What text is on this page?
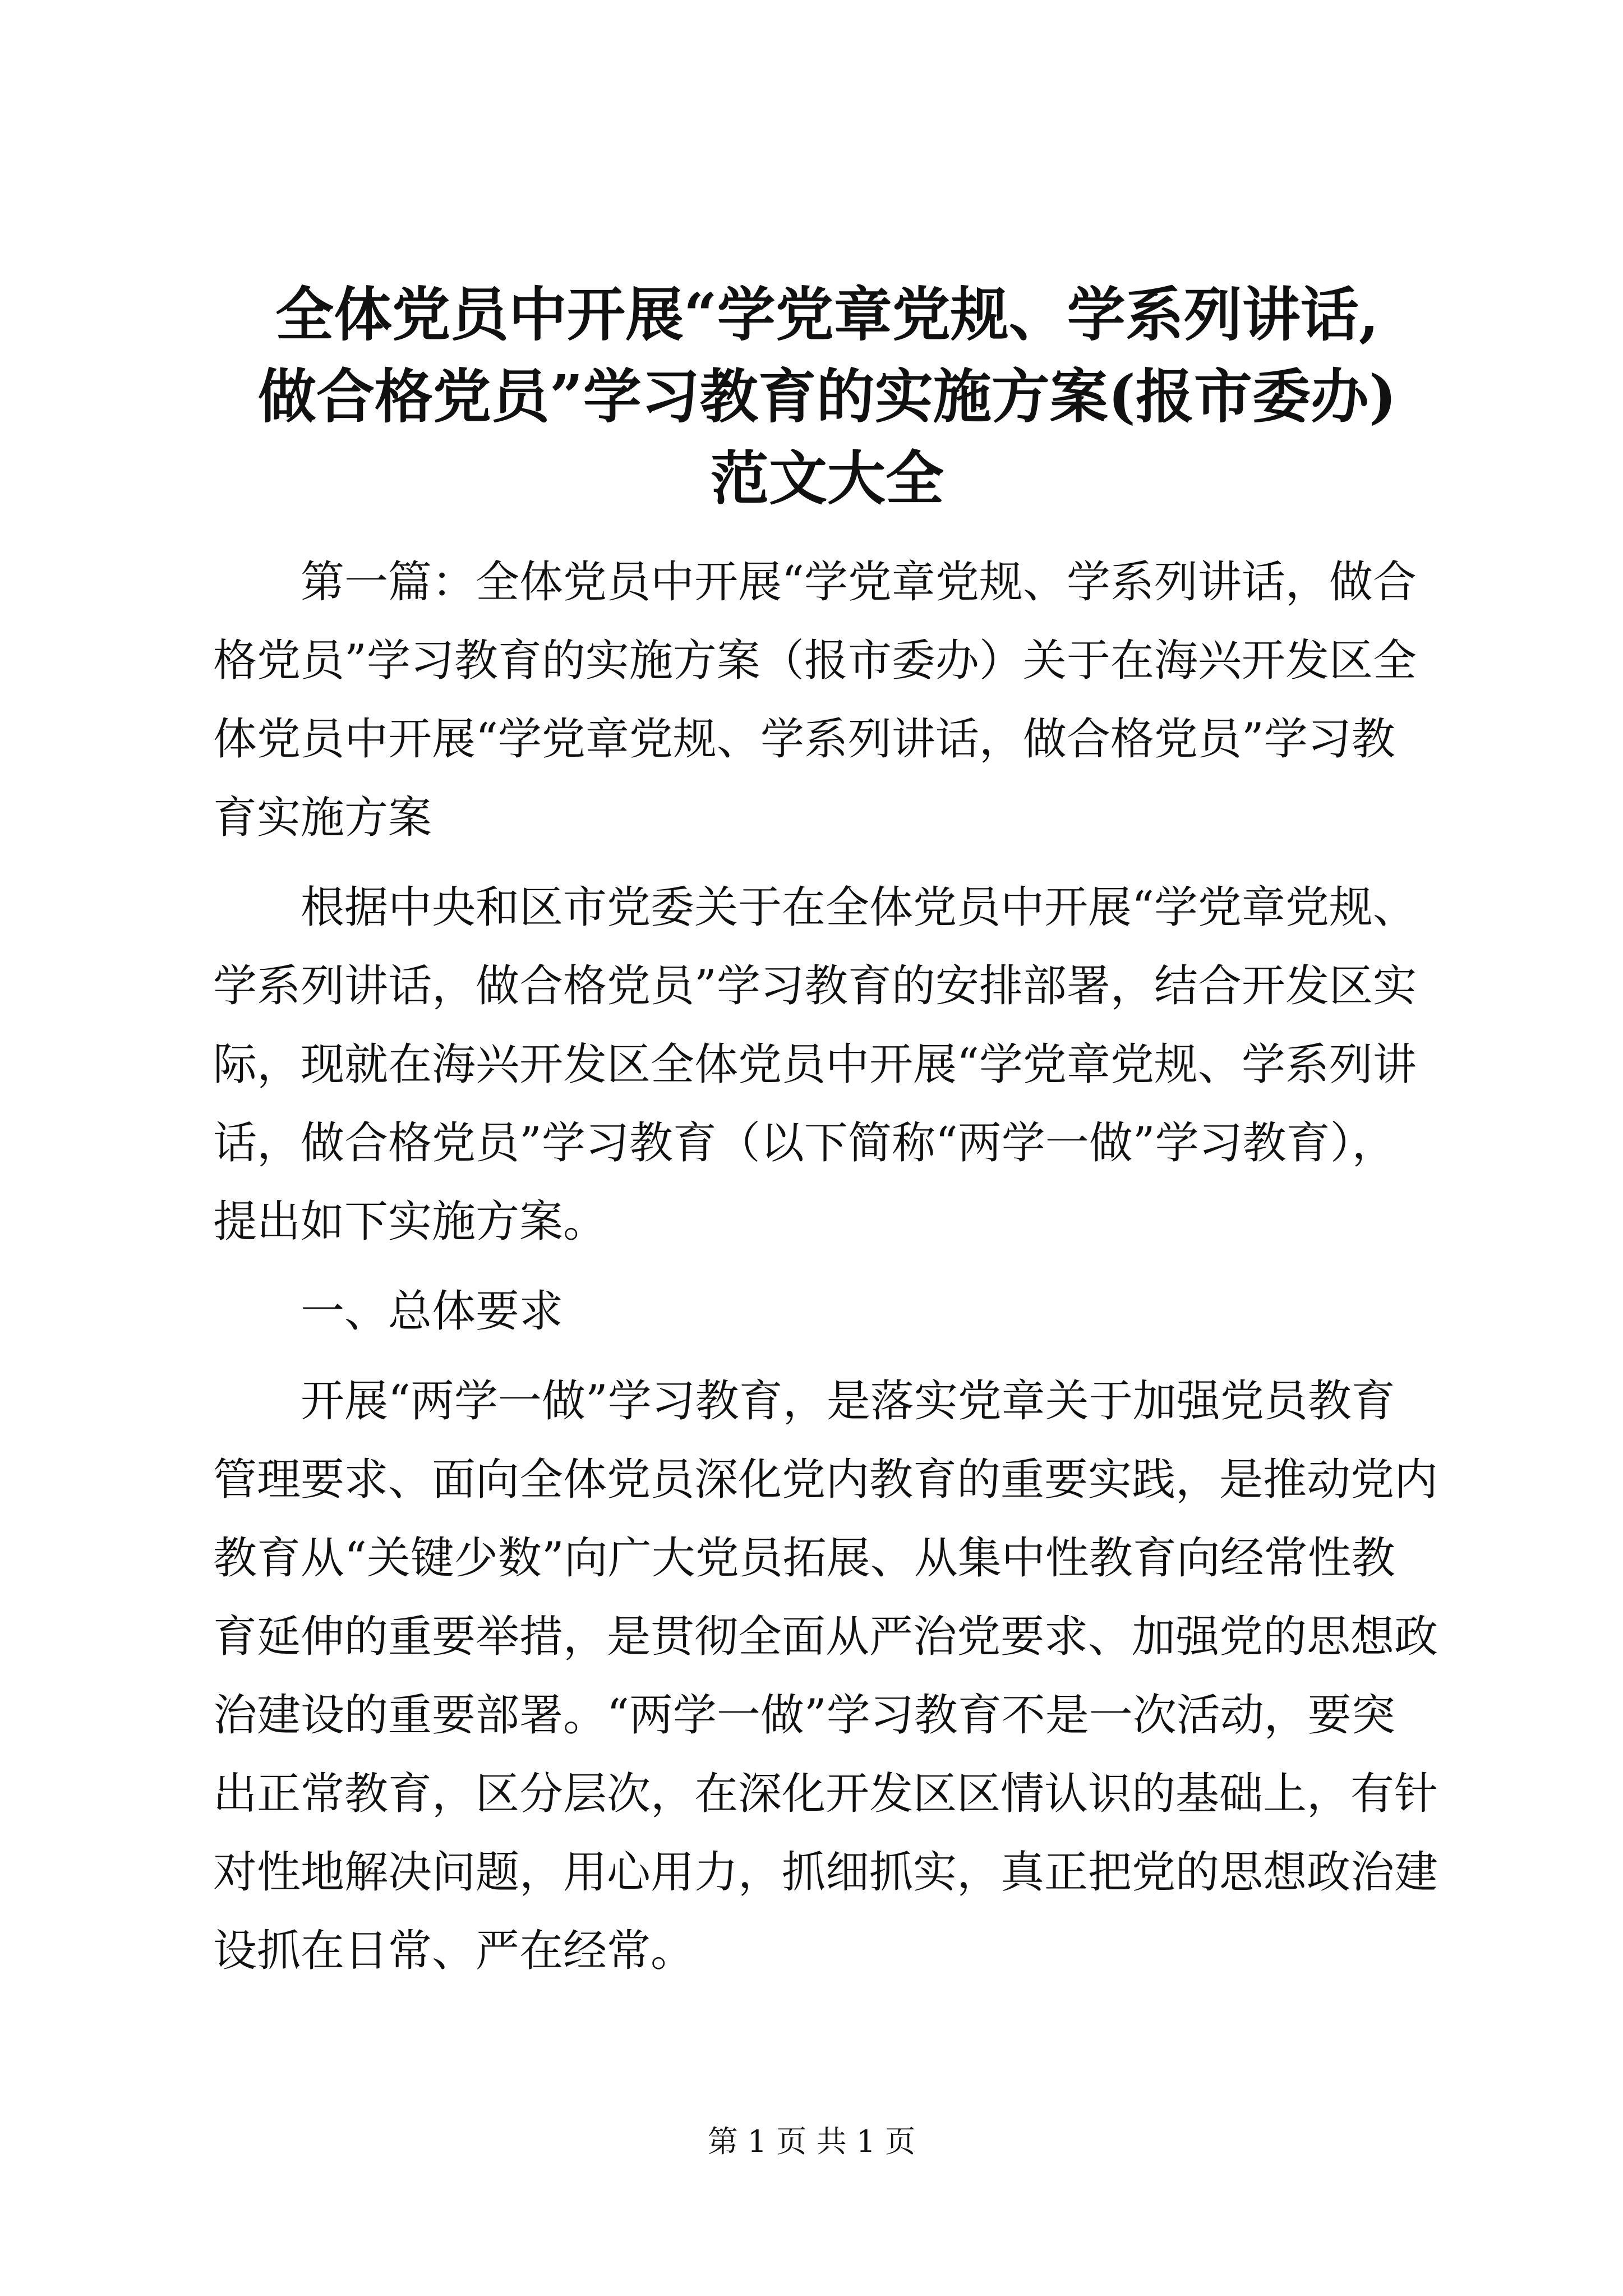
全体党员中开展“学党章党规、学系列讲话,
做合格党员”学习教育的实施方案(报市委办)
范文大全
第一篇：全体党员中开展“学党章党规、学系列讲话，做合
格党员”学习教育的实施方案（报市委办）关于在海兴开发区全
体党员中开展“学党章党规、学系列讲话，做合格党员”学习教
育实施方案
根据中央和区市党委关于在全体党员中开展“学党章党规、
学系列讲话，做合格党员”学习教育的安排部署，结合开发区实
际，现就在海兴开发区全体党员中开展“学党章党规、学系列讲
话，做合格党员”学习教育（以下简称“两学一做”学习教育），
提出如下实施方案。
一、总体要求
开展“两学一做”学习教育，是落实党章关于加强党员教育
管理要求、面向全体党员深化党内教育的重要实践，是推动党内
教育从“关键少数”向广大党员拓展、从集中性教育向经常性教
育延伸的重要举措，是贯彻全面从严治党要求、加强党的思想政
治建设的重要部署。“两学一做”学习教育不是一次活动，要突
出正常教育，区分层次，在深化开发区区情认识的基础上，有针
对性地解决问题，用心用力，抓细抓实，真正把党的思想政治建
设抓在日常、严在经常。
第 1 页 共 1 页
